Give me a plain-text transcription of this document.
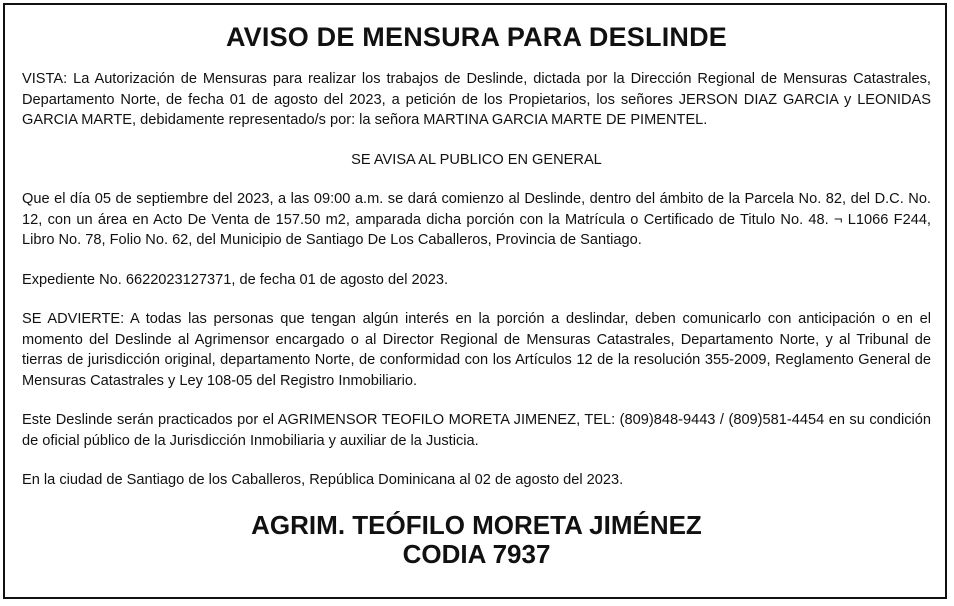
AVISO DE MENSURA PARA DESLINDE

VISTA: La Autorización de Mensuras para realizar los trabajos de Deslinde, dictada por la Dirección Regional de Mensuras Catastrales, Departamento Norte, de fecha 01 de agosto del 2023, a petición de los Propietarios, los señores JERSON DIAZ GARCIA y LEONIDAS GARCIA MARTE, debidamente representado/s por: la señora MARTINA GARCIA MARTE DE PIMENTEL.

SE AVISA AL PUBLICO EN GENERAL

Que el día 05 de septiembre del 2023, a las 09:00 a.m. se dará comienzo al Deslinde, dentro del ámbito de la Parcela No. 82, del D.C. No. 12, con un área en Acto De Venta de 157.50 m2, amparada dicha porción con la Matrícula o Certificado de Titulo No. 48. ¬ L1066 F244, Libro No. 78, Folio No. 62, del Municipio de Santiago De Los Caballeros, Provincia de Santiago.

Expediente No. 6622023127371, de fecha 01 de agosto del 2023.

SE ADVIERTE: A todas las personas que tengan algún interés en la porción a deslindar, deben comunicarlo con anticipación o en el momento del Deslinde al Agrimensor encargado o al Director Regional de Mensuras Catastrales, Departamento Norte, y al Tribunal de tierras de jurisdicción original, departamento Norte, de conformidad con los Artículos 12 de la resolución 355-2009, Reglamento General de Mensuras Catastrales y Ley 108-05 del Registro Inmobiliario.

Este Deslinde serán practicados por el AGRIMENSOR TEOFILO MORETA JIMENEZ, TEL: (809)848-9443 / (809)581-4454 en su condición de oficial público de la Jurisdicción Inmobiliaria y auxiliar de la Justicia.

En la ciudad de Santiago de los Caballeros, República Dominicana al 02 de agosto del 2023.

AGRIM. TEÓFILO MORETA JIMÉNEZ
CODIA 7937
